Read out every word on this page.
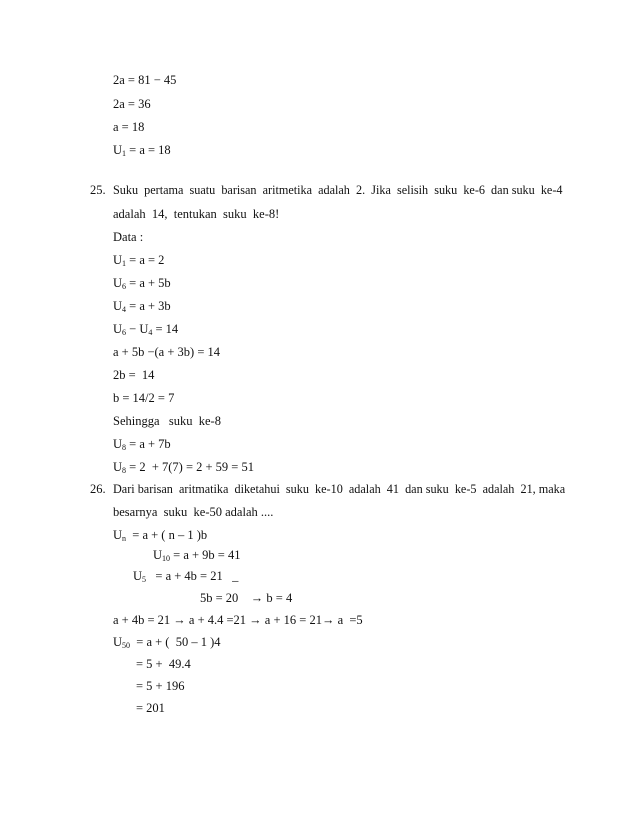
2a = 81 − 45
2a = 36
a = 18
$U_1 = a = 18$
25. Suku  pertama  suatu  barisan  aritmetika  adalah  2.  Jika  selisih  suku  ke-6  dan suku  ke-4
adalah  14,  tentukan  suku  ke-8!
Data :
$U_1 = a = 2$
$U_6 = a + 5b$
$U_4 = a + 3b$
$U_6 - U_4 = 14$
a + 5b −(a + 3b) = 14
2b =  14
b = 14/2 = 7
Sehingga   suku  ke-8
$U_8 = a + 7b$
$U_8 = 2 + 7(7) = 2 + 59 = 51$
26. Dari barisan  aritmatika  diketahui  suku  ke-10  adalah  41  dan suku  ke-5  adalah  21, maka
besarnya  suku  ke-50 adalah ....
$U_n = a$ + ( n – 1 )b
$U_{10} = a + 9b = 41$
$U_5 = a + 4b = 21$   _
5b = 20    → b = 4
a + 4b = 21 → a + 4.4 =21 → a + 16 = 21→ a  =5
$U_{50} = a$ + (  50 – 1 )4
= 5 +  49.4
= 5 + 196
= 201
